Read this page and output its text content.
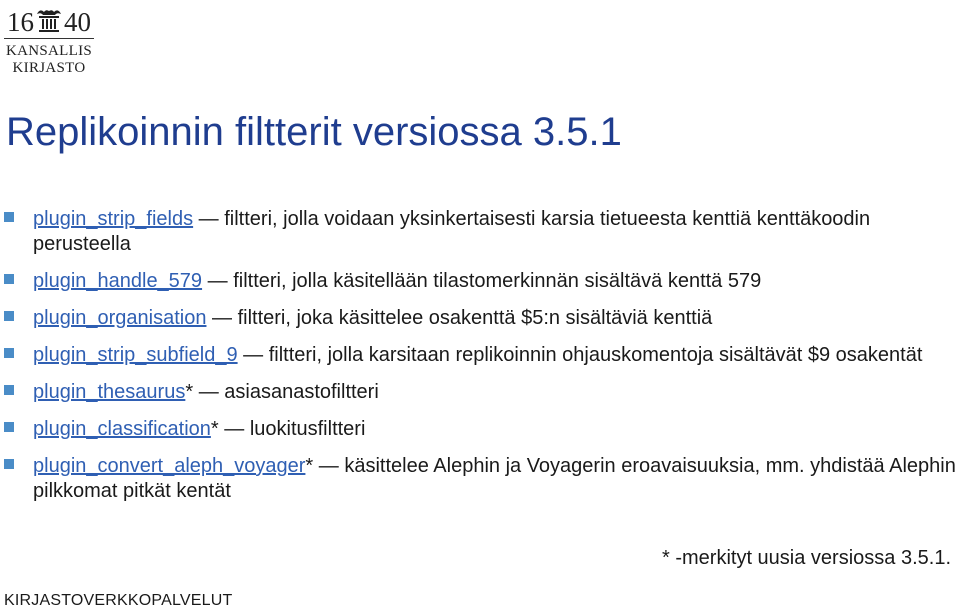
16 40
KANSALLIS
KIRJASTO
Replikoinnin filtterit versiossa 3.5.1

plugin_strip_fields — filtteri, jolla voidaan yksinkertaisesti karsia tietueesta kenttiä kenttäkoodin perusteella

plugin_handle_579 — filtteri, jolla käsitellään tilastomerkinnän sisältävä kenttä 579

plugin_organisation — filtteri, joka käsittelee osakenttä $5:n sisältäviä kenttiä

plugin_strip_subfield_9 — filtteri, jolla karsitaan replikoinnin ohjauskomentoja sisältävät $9 osakentät

plugin_thesaurus* — asiasanastofiltteri

plugin_classification* — luokitusfiltteri

plugin_convert_aleph_voyager* — käsittelee Alephin ja Voyagerin eroavaisuuksia, mm. yhdistää Alephin pilkkomat pitkät kentät

* -merkityt uusia versiossa 3.5.1.
KIRJASTOVERKKOPALVELUT
